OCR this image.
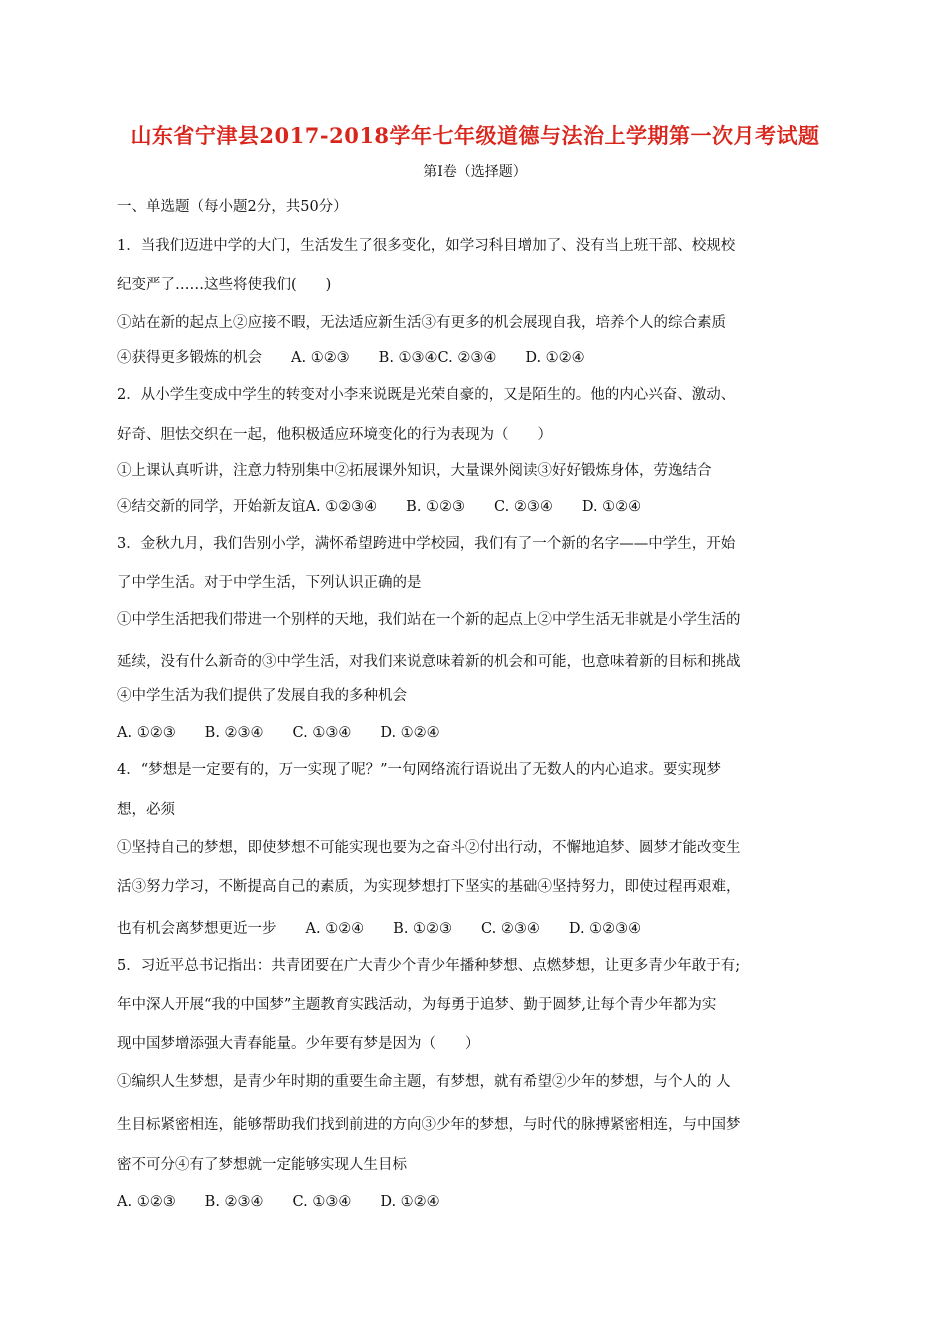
山东省宁津县2017-2018学年七年级道德与法治上学期第一次月考试题
第Ⅰ卷（选择题）
一、单选题（每小题2分，共50分）
1．当我们迈进中学的大门，生活发生了很多变化，如学习科目增加了、没有当上班干部、校规校
纪变严了……这些将使我们(　　)
①站在新的起点上②应接不暇，无法适应新生活③有更多的机会展现自我，培养个人的综合素质
④获得更多锻炼的机会　　A. ①②③　　B. ①③④C. ②③④　　D. ①②④
2．从小学生变成中学生的转变对小李来说既是光荣自豪的，又是陌生的。他的内心兴奋、激动、
好奇、胆怯交织在一起，他积极适应环境变化的行为表现为（　　）
①上课认真听讲，注意力特别集中②拓展课外知识，大量课外阅读③好好锻炼身体，劳逸结合
④结交新的同学，开始新友谊A. ①②③④　　B. ①②③　　C. ②③④　　D. ①②④
3．金秋九月，我们告别小学，满怀希望跨进中学校园，我们有了一个新的名字——中学生，开始
了中学生活。对于中学生活，下列认识正确的是
①中学生活把我们带进一个别样的天地，我们站在一个新的起点上②中学生活无非就是小学生活的
延续，没有什么新奇的③中学生活，对我们来说意味着新的机会和可能，也意味着新的目标和挑战
④中学生活为我们提供了发展自我的多种机会
A. ①②③　　B. ②③④　　C. ①③④　　D. ①②④
4．“梦想是一定要有的，万一实现了呢？”一句网络流行语说出了无数人的内心追求。要实现梦
想，必须
①坚持自己的梦想，即使梦想不可能实现也要为之奋斗②付出行动，不懈地追梦、圆梦才能改变生
活③努力学习，不断提高自己的素质，为实现梦想打下坚实的基础④坚持努力，即使过程再艰难，
也有机会离梦想更近一步　　A. ①②④　　B. ①②③　　C. ②③④　　D. ①②③④
5．习近平总书记指出：共青团要在广大青少个青少年播种梦想、点燃梦想，让更多青少年敢于有;
年中深人开展“我的中国梦”主题教育实践活动，为每勇于追梦、勤于圆梦,让每个青少年都为实
现中国梦增添强大青春能量。少年要有梦是因为（　　）
①编织人生梦想，是青少年时期的重要生命主题，有梦想，就有希望②少年的梦想，与个人的 人
生目标紧密相连，能够帮助我们找到前进的方向③少年的梦想，与时代的脉搏紧密相连，与中国梦
密不可分④有了梦想就一定能够实现人生目标
A. ①②③　　B. ②③④　　C. ①③④　　D. ①②④
